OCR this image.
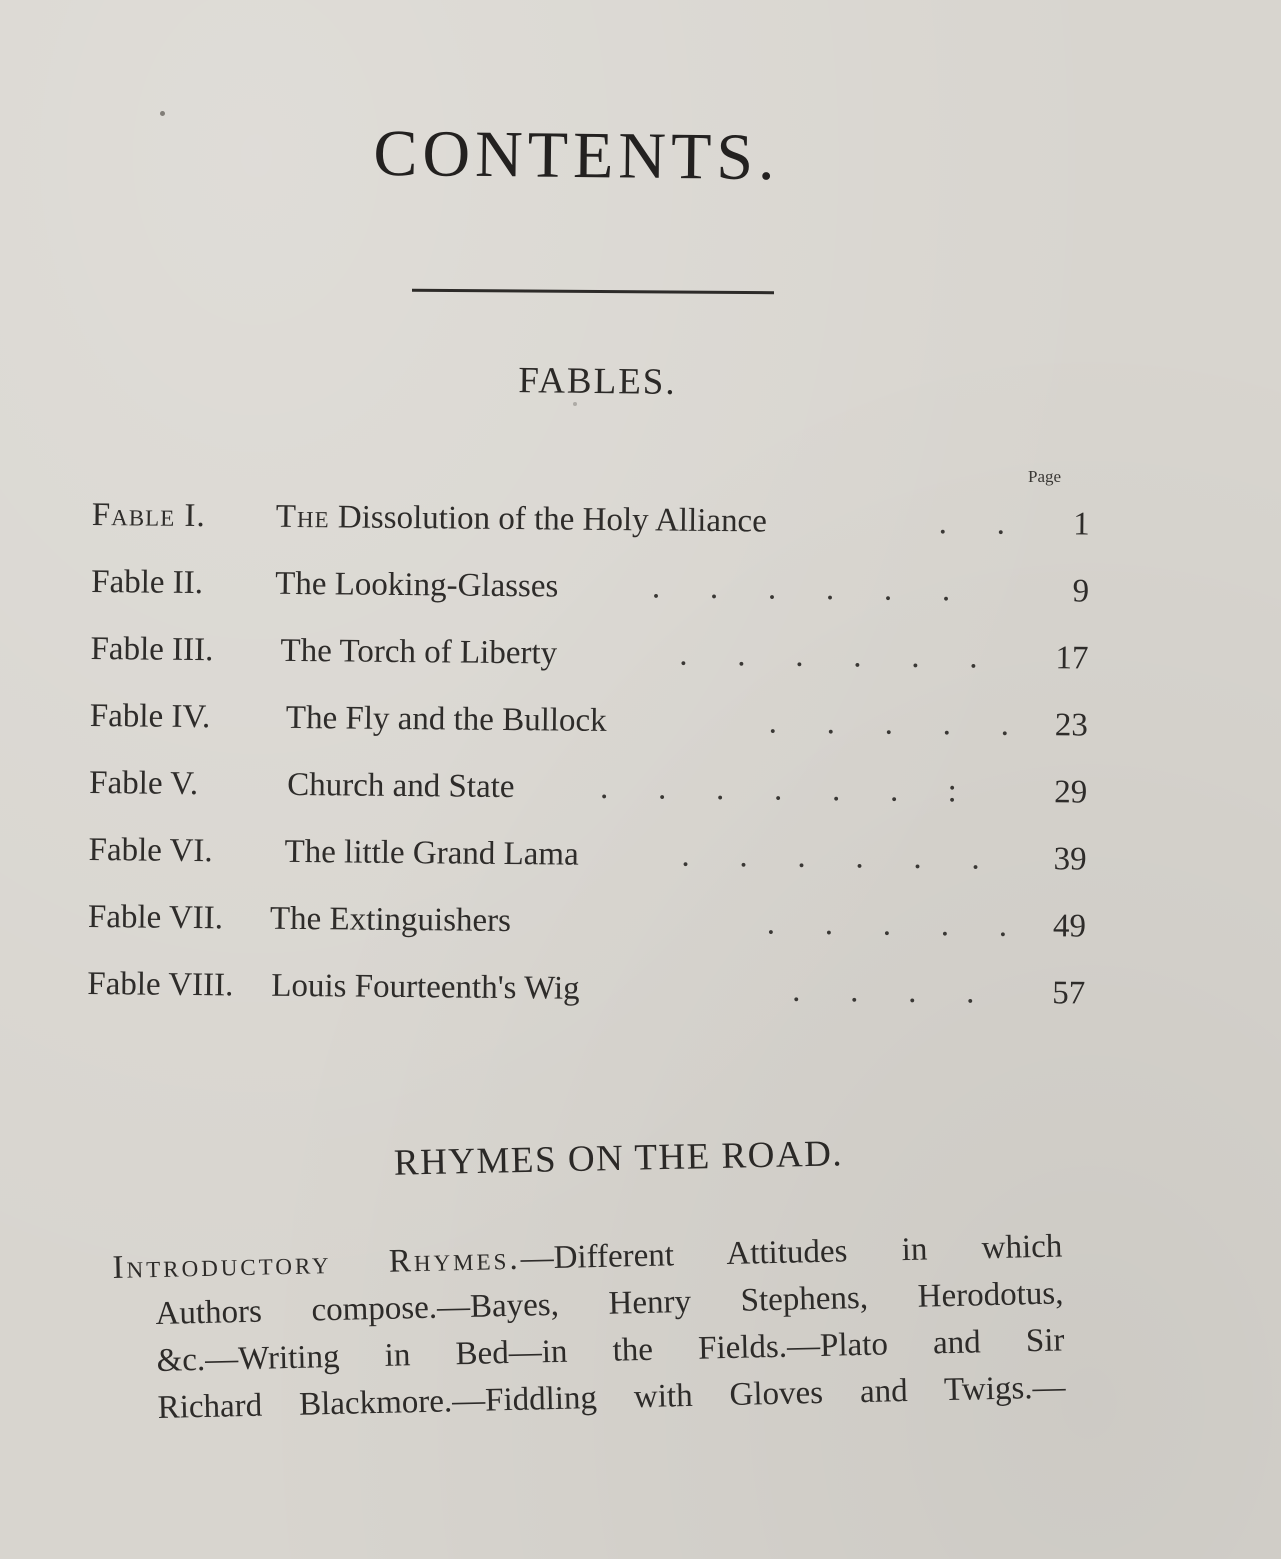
CONTENTS.
FABLES.
Page
Fable I. The Dissolution of the Holy Alliance	. .	1
Fable II. The Looking-Glasses	. . . . . .	9
Fable III. The Torch of Liberty	. . . . . .	17
Fable IV. The Fly and the Bullock	. . . . .	23
Fable V.	Church and State	. . . . . . :	29
Fable VI. The little Grand Lama	. . . . . .	39
Fable VII. The Extinguishers	. . . . .	49
Fable VIII. Louis Fourteenth's Wig	. . . .	57
RHYMES ON THE ROAD.
Introductory Rhymes.—Different Attitudes in which
Authors compose.—Bayes, Henry Stephens, Herodotus,
&c.—Writing in Bed—in the Fields.—Plato and Sir
Richard Blackmore.—Fiddling with Gloves and Twigs.—
